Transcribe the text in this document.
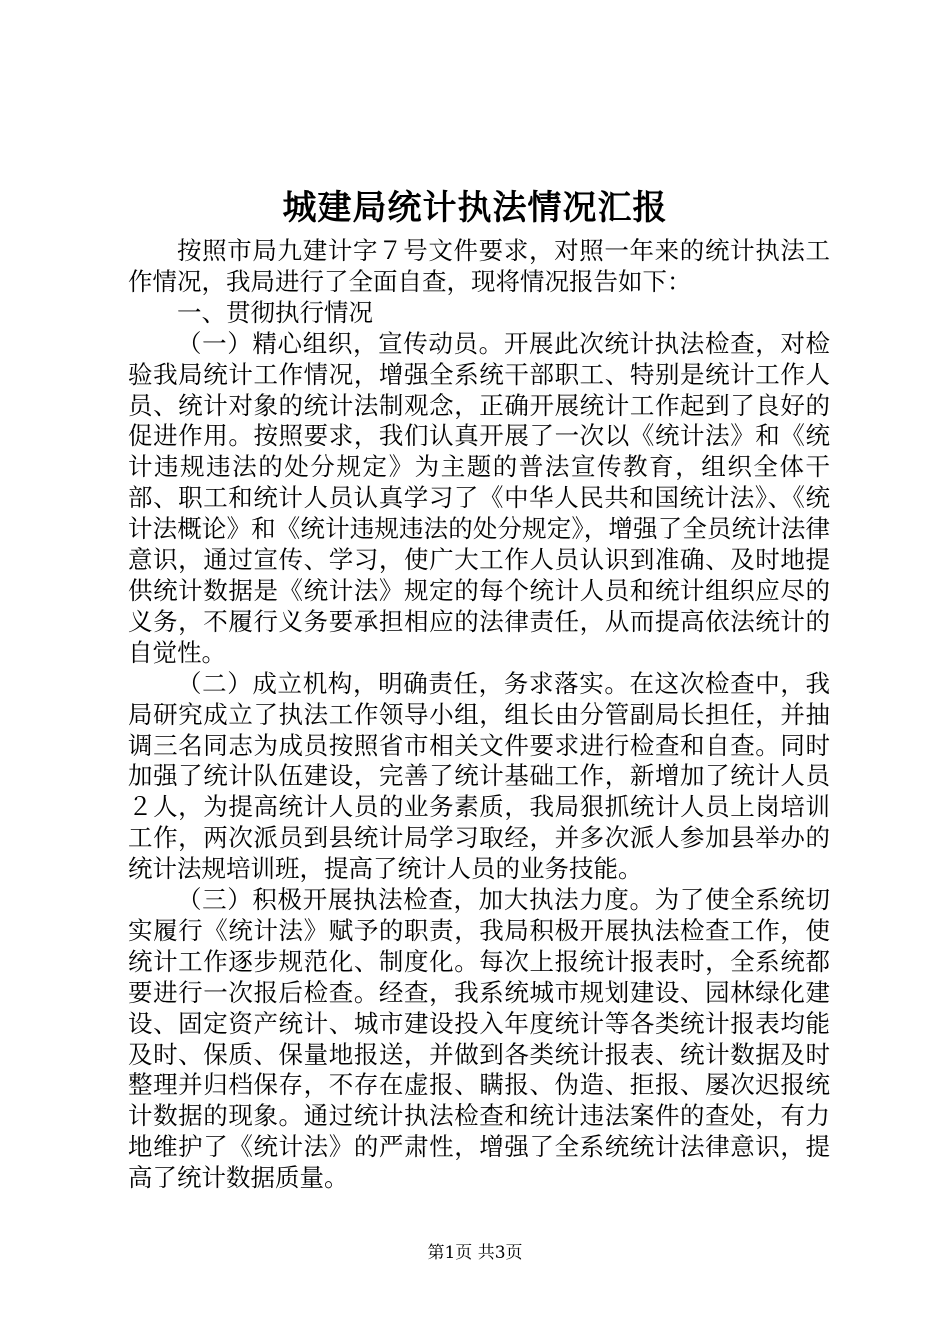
城建局统计执法情况汇报

按照市局九建计字７号文件要求，对照一年来的统计执法工作情况，我局进行了全面自查，现将情况报告如下：

一、贯彻执行情况

（一）精心组织，宣传动员。开展此次统计执法检查，对检验我局统计工作情况，增强全系统干部职工、特别是统计工作人员、统计对象的统计法制观念，正确开展统计工作起到了良好的促进作用。按照要求，我们认真开展了一次以《统计法》和《统计违规违法的处分规定》为主题的普法宣传教育，组织全体干部、职工和统计人员认真学习了《中华人民共和国统计法》、《统计法概论》和《统计违规违法的处分规定》，增强了全员统计法律意识，通过宣传、学习，使广大工作人员认识到准确、及时地提供统计数据是《统计法》规定的每个统计人员和统计组织应尽的义务，不履行义务要承担相应的法律责任，从而提高依法统计的自觉性。

（二）成立机构，明确责任，务求落实。在这次检查中，我局研究成立了执法工作领导小组，组长由分管副局长担任，并抽调三名同志为成员按照省市相关文件要求进行检查和自查。同时加强了统计队伍建设，完善了统计基础工作，新增加了统计人员２人，为提高统计人员的业务素质，我局狠抓统计人员上岗培训工作，两次派员到县统计局学习取经，并多次派人参加县举办的统计法规培训班，提高了统计人员的业务技能。

（三）积极开展执法检查，加大执法力度。为了使全系统切实履行《统计法》赋予的职责，我局积极开展执法检查工作，使统计工作逐步规范化、制度化。每次上报统计报表时，全系统都要进行一次报后检查。经查，我系统城市规划建设、园林绿化建设、固定资产统计、城市建设投入年度统计等各类统计报表均能及时、保质、保量地报送，并做到各类统计报表、统计数据及时整理并归档保存，不存在虚报、瞒报、伪造、拒报、屡次迟报统计数据的现象。通过统计执法检查和统计违法案件的查处，有力地维护了《统计法》的严肃性，增强了全系统统计法律意识，提高了统计数据质量。

第1页 共3页
